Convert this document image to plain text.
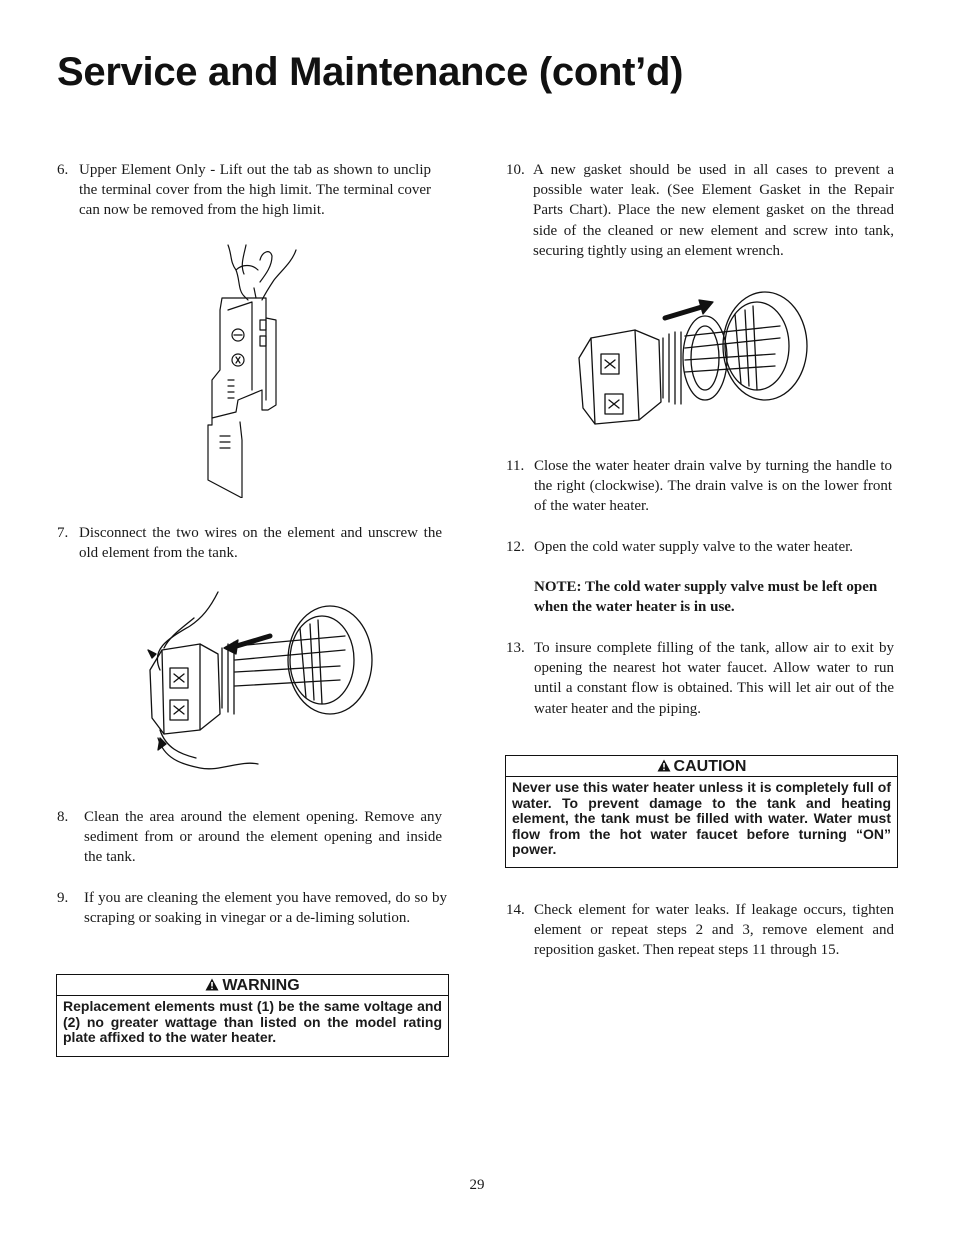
Service and Maintenance (cont’d)
6. Upper Element Only - Lift out the tab as shown to unclip the terminal cover from the high limit. The terminal cover can now be removed from the high limit.
7. Disconnect the two wires on the element and unscrew the old element from the tank.
8. Clean the area around the element opening. Remove any sediment from or around the element opening and inside the tank.
9. If you are cleaning the element you have removed, do so by scraping or soaking in vinegar or a de-liming solution.
WARNING
Replacement elements must (1) be the same voltage and (2) no greater wattage than listed on the model rating plate affixed to the water heater.
10. A new gasket should be used in all cases to prevent a possible water leak. (See Element Gasket in the Repair Parts Chart). Place the new element gasket on the thread side of the cleaned or new element and screw into tank, securing tightly using an element wrench.
11. Close the water heater drain valve by turning the handle to the right (clockwise). The drain valve is on the lower front of the water heater.
12. Open the cold water supply valve to the water heater.
NOTE: The cold water supply valve must be left open when the water heater is in use.
13. To insure complete filling of the tank, allow air to exit by opening the nearest hot water faucet. Allow water to run until a constant flow is obtained. This will let air out of the water heater and the piping.
CAUTION
Never use this water heater unless it is completely full of water. To prevent damage to the tank and heating element, the tank must be filled with water. Water must flow from the hot water faucet before turning “ON” power.
14. Check element for water leaks. If leakage occurs, tighten element or repeat steps 2 and 3, remove element and reposition gasket. Then repeat steps 11 through 15.
29
